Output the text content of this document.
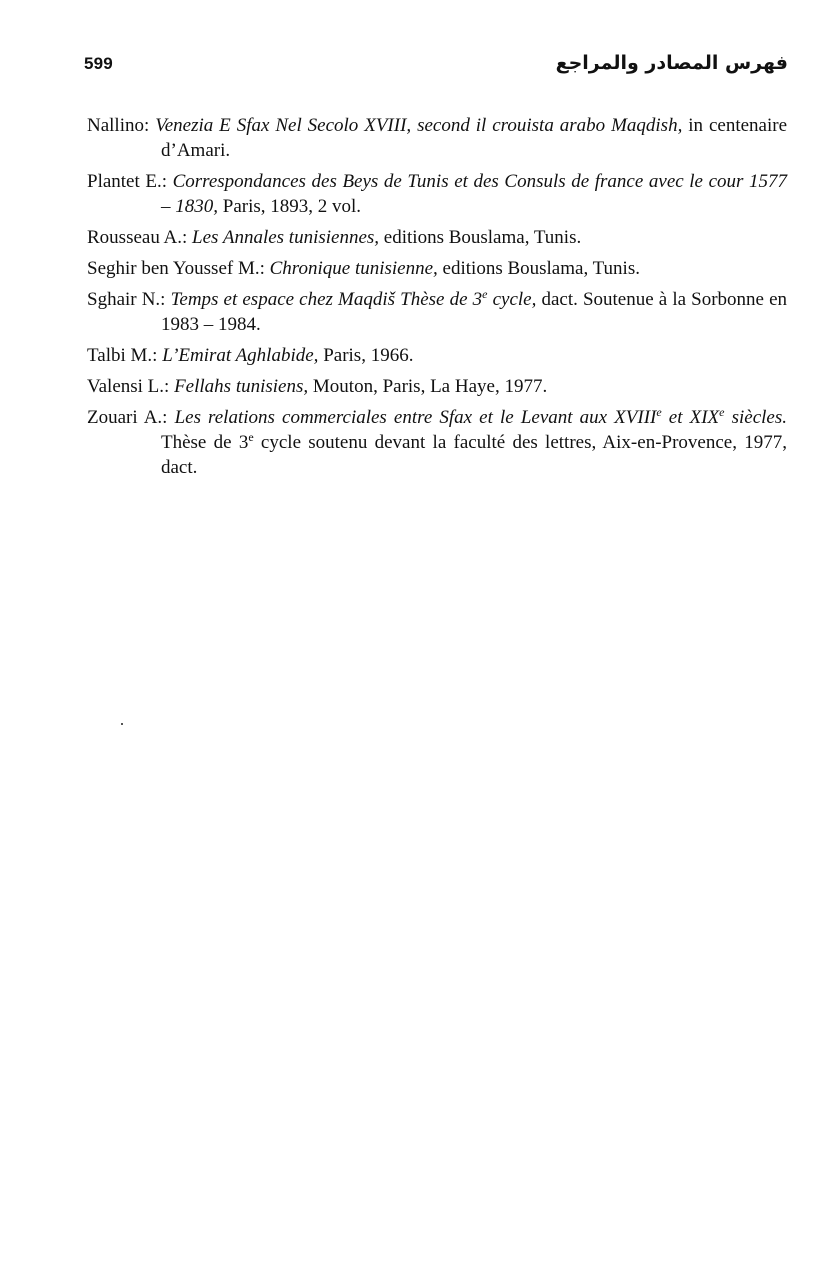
599	فهرس المصادر والمراجع
Nallino: Venezia E Sfax Nel Secolo XVIII, second il crouista arabo Maqdish, in centenaire d’Amari.
Plantet E.: Correspondances des Beys de Tunis et des Consuls de france avec le cour 1577 – 1830, Paris, 1893, 2 vol.
Rousseau A.: Les Annales tunisiennes, editions Bouslama, Tunis.
Seghir ben Youssef M.: Chronique tunisienne, editions Bouslama, Tunis.
Sghair N.: Temps et espace chez Maqdiš Thèse de 3e cycle, dact. Soutenue à la Sorbonne en 1983 – 1984.
Talbi M.: L’Emirat Aghlabide, Paris, 1966.
Valensi L.: Fellahs tunisiens, Mouton, Paris, La Haye, 1977.
Zouari A.: Les relations commerciales entre Sfax et le Levant aux XVIIIe et XIXe siècles. Thèse de 3e cycle soutenu devant la faculté des lettres, Aix-en-Provence, 1977, dact.
